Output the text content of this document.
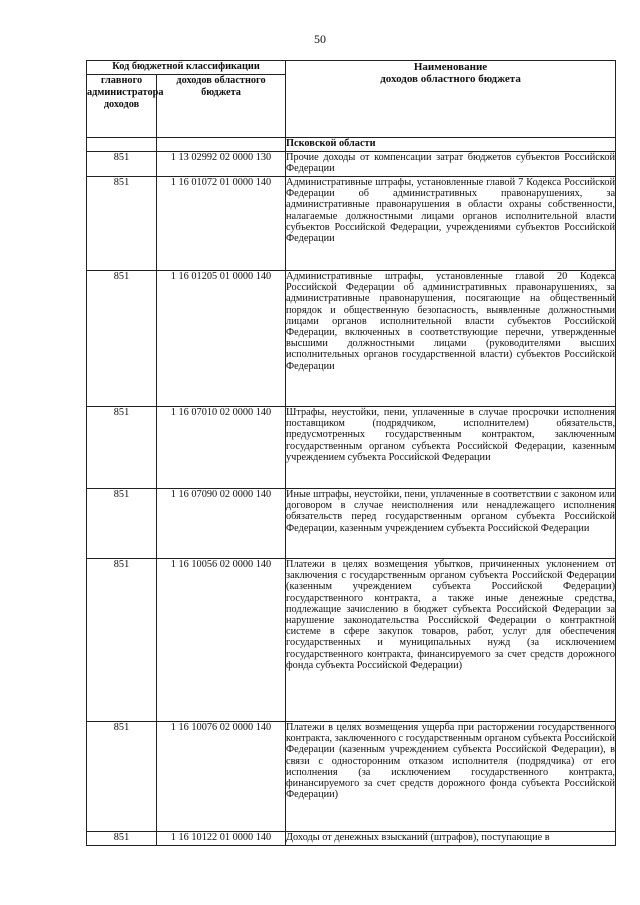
50
Код бюджетной классификации		Наименование
доходов областного бюджета

главного администратора доходов	доходов областного бюджета	
		Псковской области
851	1 13 02992 02 0000 130	Прочие доходы от компенсации затрат бюджетов субъектов Российской Федерации
851	1 16 01072 01 0000 140	Административные штрафы, установленные главой 7 Кодекса Российской Федерации об административных правонарушениях, за административные правонарушения в области охраны собственности, налагаемые должностными лицами органов исполнительной власти субъектов Российской Федерации, учреждениями субъектов Российской Федерации
851	1 16 01205 01 0000 140	Административные штрафы, установленные главой 20 Кодекса Российской Федерации об административных правонарушениях, за административные правонарушения, посягающие на общественный порядок и общественную безопасность, выявленные должностными лицами органов исполнительной власти субъектов Российской Федерации, включенных в соответствующие перечни, утвержденные высшими должностными лицами (руководителями высших исполнительных органов государственной власти) субъектов Российской Федерации
851	1 16 07010 02 0000 140	Штрафы, неустойки, пени, уплаченные в случае просрочки исполнения поставщиком (подрядчиком, исполнителем) обязательств, предусмотренных государственным контрактом, заключенным государственным органом субъекта Российской Федерации, казенным учреждением субъекта Российской Федерации
851	1 16 07090 02 0000 140	Иные штрафы, неустойки, пени, уплаченные в соответствии с законом или договором в случае неисполнения или ненадлежащего исполнения обязательств перед государственным органом субъекта Российской Федерации, казенным учреждением субъекта Российской Федерации
851	1 16 10056 02 0000 140	Платежи в целях возмещения убытков, причиненных уклонением от заключения с государственным органом субъекта Российской Федерации (казенным учреждением субъекта Российской Федерации) государственного контракта, а также иные денежные средства, подлежащие зачислению в бюджет субъекта Российской Федерации за нарушение законодательства Российской Федерации о контрактной системе в сфере закупок товаров, работ, услуг для обеспечения государственных и муниципальных нужд (за исключением государственного контракта, финансируемого за счет средств дорожного фонда субъекта Российской Федерации)
851	1 16 10076 02 0000 140	Платежи в целях возмещения ущерба при расторжении государственного контракта, заключенного с государственным органом субъекта Российской Федерации (казенным учреждением субъекта Российской Федерации), в связи с односторонним отказом исполнителя (подрядчика) от его исполнения (за исключением государственного контракта, финансируемого за счет средств дорожного фонда субъекта Российской Федерации)
851	1 16 10122 01 0000 140	Доходы от денежных взысканий (штрафов), поступающие в
